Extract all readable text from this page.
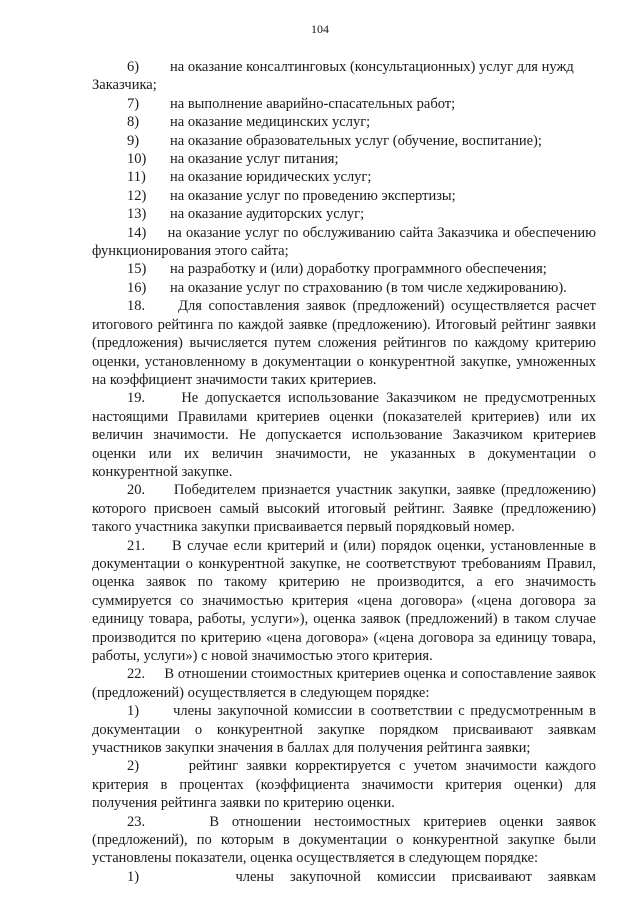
104
6)	на оказание консалтинговых (консультационных) услуг для нужд
Заказчика;
7)	на выполнение аварийно-спасательных работ;
8)	на оказание медицинских услуг;
9)	на оказание образовательных услуг (обучение, воспитание);
10)	на оказание услуг питания;
11)	на оказание юридических услуг;
12)	на оказание услуг по проведению экспертизы;
13)	на оказание аудиторских услуг;

14)     на оказание услуг по обслуживанию сайта Заказчика и обеспечению функционирования этого сайта;

15)	на разработку и (или) доработку программного обеспечения;
16)	на оказание услуг по страхованию (в том числе хеджированию).

18.     Для сопоставления заявок (предложений) осуществляется расчет итогового рейтинга по каждой заявке (предложению). Итоговый рейтинг заявки (предложения) вычисляется путем сложения рейтингов по каждому критерию оценки, установленному в документации о конкурентной закупке, умноженных на коэффициент значимости таких критериев.

19.     Не допускается использование Заказчиком не предусмотренных настоящими Правилами критериев оценки (показателей критериев) или их величин значимости. Не допускается использование Заказчиком критериев оценки или их величин значимости, не указанных в документации о конкурентной закупке.

20.     Победителем признается участник закупки, заявке (предложению) которого присвоен самый высокий итоговый рейтинг. Заявке (предложению) такого участника закупки присваивается первый порядковый номер.

21.     В случае если критерий и (или) порядок оценки, установленные в документации о конкурентной закупке, не соответствуют требованиям Правил, оценка заявок по такому критерию не производится, а его значимость суммируется со значимостью критерия «цена договора» («цена договора за единицу товара, работы, услуги»), оценка заявок (предложений) в таком случае производится по критерию «цена договора» («цена договора за единицу товара, работы, услуги») с новой значимостью этого критерия.

22.     В отношении стоимостных критериев оценка и сопоставление заявок (предложений) осуществляется в следующем порядке:

1)      члены закупочной комиссии в соответствии с предусмотренным в документации о конкурентной закупке порядком присваивают заявкам участников закупки значения в баллах для получения рейтинга заявки;

2)      рейтинг заявки корректируется с учетом значимости каждого критерия в процентах (коэффициента значимости критерия оценки) для получения рейтинга заявки по критерию оценки.

23.     В отношении нестоимостных критериев оценки заявок (предложений), по которым в документации о конкурентной закупке были установлены показатели, оценка осуществляется в следующем порядке:

1)      члены закупочной комиссии присваивают заявкам
